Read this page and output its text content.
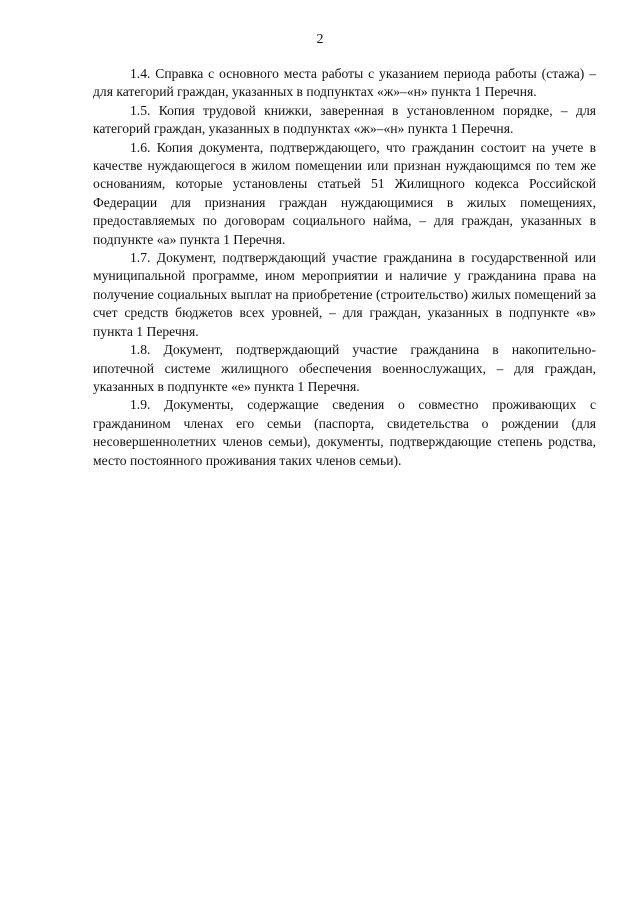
2

1.4. Справка с основного места работы с указанием периода работы (стажа) – для категорий граждан, указанных в подпунктах «ж»–«н» пункта 1 Перечня.

1.5. Копия трудовой книжки, заверенная в установленном порядке, – для категорий граждан, указанных в подпунктах «ж»–«н» пункта 1 Перечня.

1.6. Копия документа, подтверждающего, что гражданин состоит на учете в качестве нуждающегося в жилом помещении или признан нуждающимся по тем же основаниям, которые установлены статьей 51 Жилищного кодекса Российской Федерации для признания граждан нуждающимися в жилых помещениях, предоставляемых по договорам социального найма, – для граждан, указанных в подпункте «а» пункта 1 Перечня.

1.7. Документ, подтверждающий участие гражданина в государственной или муниципальной программе, ином мероприятии и наличие у гражданина права на получение социальных выплат на приобретение (строительство) жилых помещений за счет средств бюджетов всех уровней, – для граждан, указанных в подпункте «в» пункта 1 Перечня.

1.8. Документ, подтверждающий участие гражданина в накопительно-ипотечной системе жилищного обеспечения военнослужащих, – для граждан, указанных в подпункте «е» пункта 1 Перечня.

1.9. Документы, содержащие сведения о совместно проживающих с гражданином членах его семьи (паспорта, свидетельства о рождении (для несовершеннолетних членов семьи), документы, подтверждающие степень родства, место постоянного проживания таких членов семьи).
